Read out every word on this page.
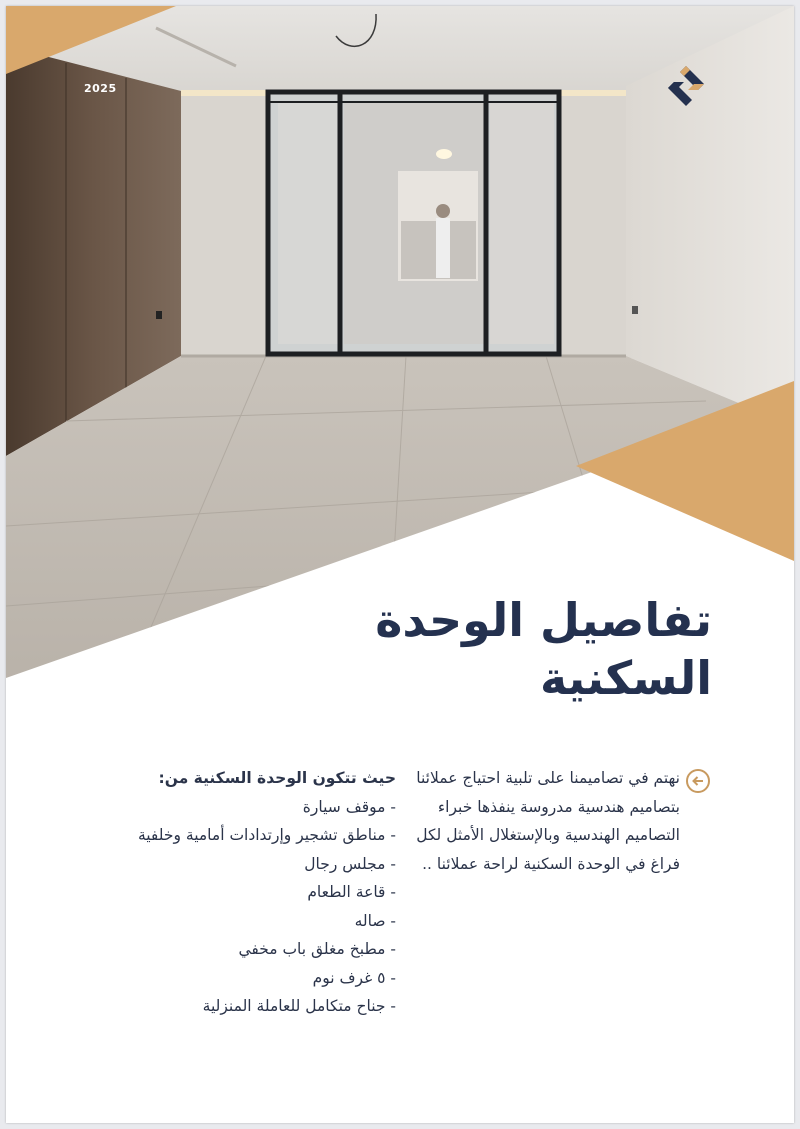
2025
تفاصيل الوحدة
السكنية
نهتم في تصاميمنا على تلبية احتياج عملائنا بتصاميم هندسية مدروسة ينفذها خبراء التصاميم الهندسية وبالإستغلال الأمثل لكل فراغ في الوحدة السكنية لراحة عملائنا ..
حيث تتكون الوحدة السكنية من:
- موقف سيارة
- مناطق تشجير وإرتدادات أمامية وخلفية
- مجلس رجال
- قاعة الطعام
- صاله
- مطبخ مغلق باب مخفي
- ٥ غرف نوم
- جناح متكامل للعاملة المنزلية
